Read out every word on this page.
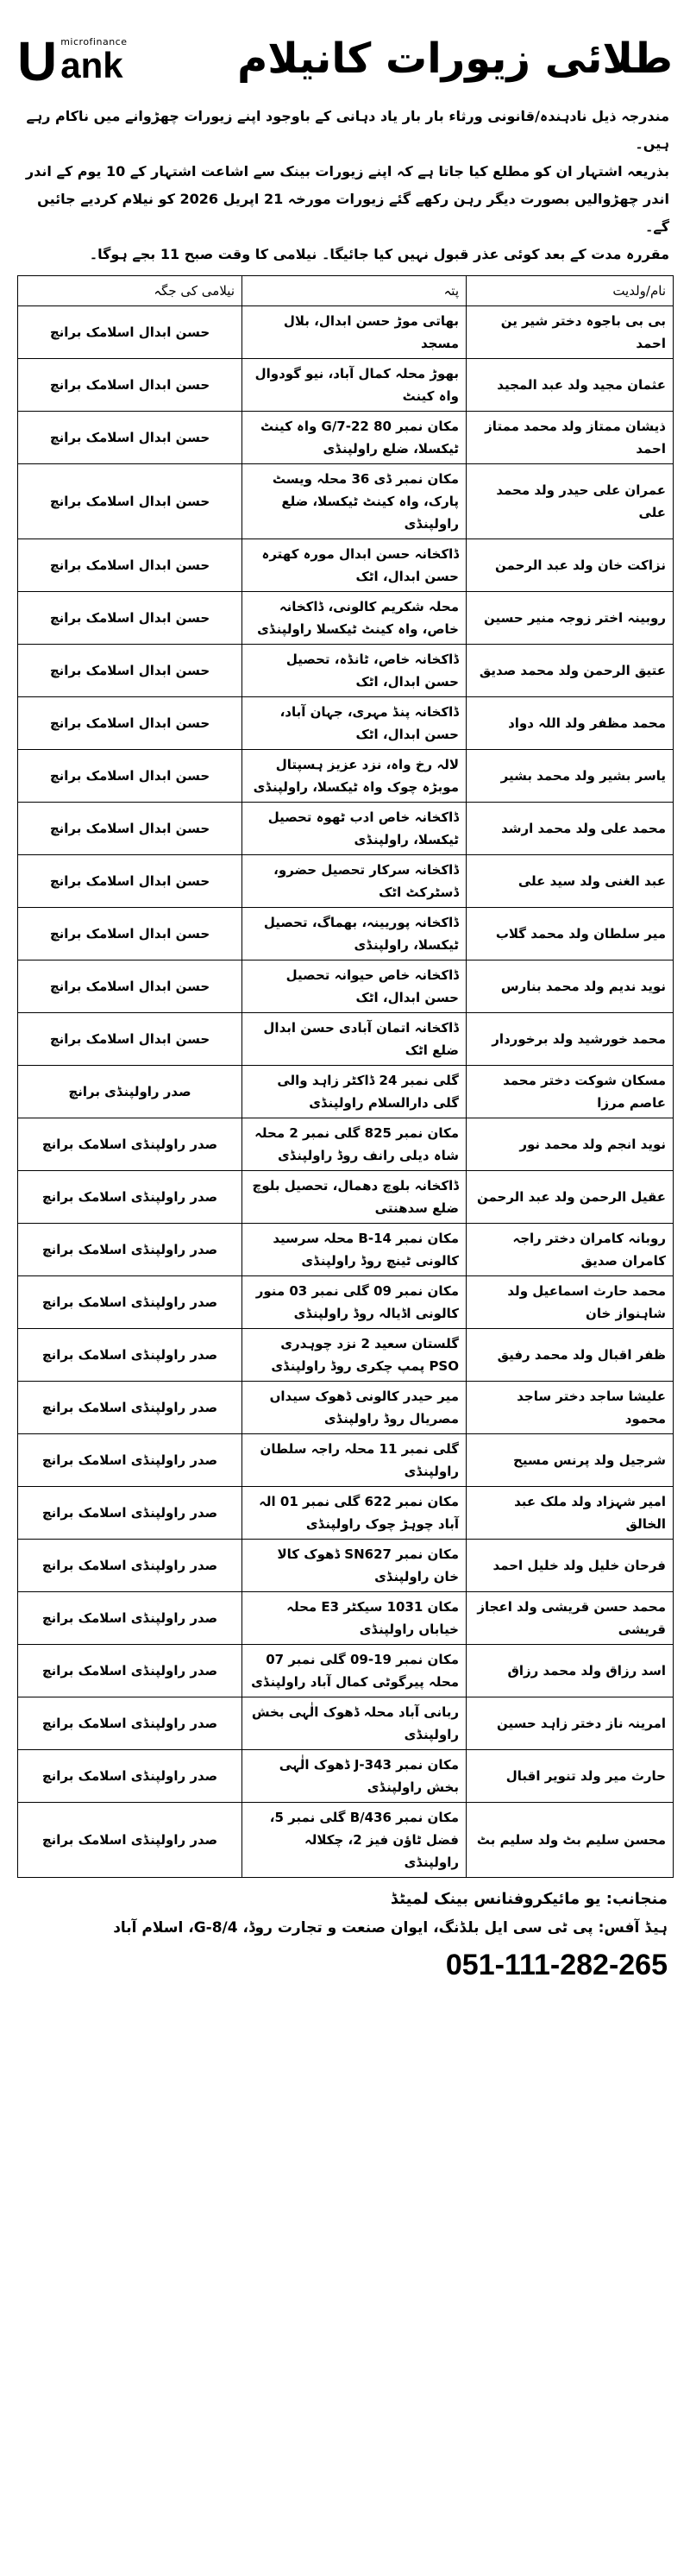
U microfinance
ank	طلائی زیورات کانیلام

مندرجہ ذیل نادہندہ/قانونی ورثاء بار بار یاد دہانی کے باوجود اپنے زیورات چھڑوانے میں ناکام رہے ہیں۔

بذریعہ اشتہار ان کو مطلع کیا جاتا ہے کہ اپنے زیورات بینک سے اشاعت اشتہار کے 10 یوم کے اندر اندر چھڑوالیں بصورت دیگر رہن رکھے گئے زیورات مورخہ 21 اپریل 2026 کو نیلام کردیے جائیں گے۔

مقررہ مدت کے بعد کوئی عذر قبول نہیں کیا جائیگا۔ نیلامی کا وقت صبح 11 بجے ہوگا۔

نام/ولدیت	پتہ	نیلامی کی جگہ
بی بی باجوہ دختر شیر ین احمد	بھاتی موڑ حسن ابدال، بلال مسجد	حسن ابدال اسلامک برانچ
عثمان مجید ولد عبد المجید	بھوڑ محلہ کمال آباد، نیو گودوال واہ کینٹ	حسن ابدال اسلامک برانچ
ذیشان ممتاز ولد محمد ممتاز احمد	مکان نمبر 80 G/7-22 واہ کینٹ ٹیکسلا، ضلع راولپنڈی	حسن ابدال اسلامک برانچ
عمران علی حیدر ولد محمد علی	مکان نمبر ڈی 36 محلہ ویسٹ پارک، واہ کینٹ ٹیکسلا، ضلع راولپنڈی	حسن ابدال اسلامک برانچ
نزاکت خان ولد عبد الرحمن	ڈاکخانہ حسن ابدال مورہ کھترہ حسن ابدال، اٹک	حسن ابدال اسلامک برانچ
روبینہ اختر زوجہ منیر حسین	محلہ شکریم کالونی، ڈاکخانہ خاص، واہ کینٹ ٹیکسلا راولپنڈی	حسن ابدال اسلامک برانچ
عتیق الرحمن ولد محمد صدیق	ڈاکخانہ خاص، ٹانڈہ، تحصیل حسن ابدال، اٹک	حسن ابدال اسلامک برانچ
محمد مظفر ولد اللہ دواد	ڈاکخانہ پنڈ مہری، جہان آباد، حسن ابدال، اٹک	حسن ابدال اسلامک برانچ
یاسر بشیر ولد محمد بشیر	لالہ رخ واہ، نزد عزیز ہسپتال موبڑہ چوک واہ ٹیکسلا، راولپنڈی	حسن ابدال اسلامک برانچ
محمد علی ولد محمد ارشد	ڈاکخانہ خاص ادب ٹھوہ تحصیل ٹیکسلا، راولپنڈی	حسن ابدال اسلامک برانچ
عبد الغنی ولد سید علی	ڈاکخانہ سرکار تحصیل حضرو، ڈسٹرکٹ اٹک	حسن ابدال اسلامک برانچ
میر سلطان ولد محمد گلاب	ڈاکخانہ پوریینہ، بھماگ، تحصیل ٹیکسلا، راولپنڈی	حسن ابدال اسلامک برانچ
نوید ندیم ولد محمد بنارس	ڈاکخانہ خاص حیوانہ تحصیل حسن ابدال، اٹک	حسن ابدال اسلامک برانچ
محمد خورشید ولد برخوردار	ڈاکخانہ اتمان آبادی حسن ابدال ضلع اٹک	حسن ابدال اسلامک برانچ
مسکان شوکت دختر محمد عاصم مرزا	گلی نمبر 24 ڈاکٹر زاہد والی گلی دارالسلام راولپنڈی	صدر راولپنڈی برانچ
نوید انجم ولد محمد نور	مکان نمبر 825 گلی نمبر 2 محلہ شاہ دیلی رانف روڈ راولپنڈی	صدر راولپنڈی اسلامک برانچ
عقیل الرحمن ولد عبد الرحمن	ڈاکخانہ بلوچ دھمال، تحصیل بلوچ ضلع سدھنتی	صدر راولپنڈی اسلامک برانچ
روبانہ کامران دختر راجہ کامران صدیق	مکان نمبر B-14 محلہ سرسید کالونی ٹینچ روڈ راولپنڈی	صدر راولپنڈی اسلامک برانچ
محمد حارث اسماعیل ولد شاہنواز خان	مکان نمبر 09 گلی نمبر 03 منور کالونی اڈیالہ روڈ راولپنڈی	صدر راولپنڈی اسلامک برانچ
ظفر اقبال ولد محمد رفیق	گلستان سعید 2 نزد چوہدری PSO پمپ چکری روڈ راولپنڈی	صدر راولپنڈی اسلامک برانچ
علیشا ساجد دختر ساجد محمود	میر حیدر کالونی ڈھوک سیداں مصریال روڈ راولپنڈی	صدر راولپنڈی اسلامک برانچ
شرجیل ولد پرنس مسیح	گلی نمبر 11 محلہ راجہ سلطان راولپنڈی	صدر راولپنڈی اسلامک برانچ
امیر شہزاد ولد ملک عبد الخالق	مکان نمبر 622 گلی نمبر 01 الہ آباد چوہڑ چوک راولپنڈی	صدر راولپنڈی اسلامک برانچ
فرحان خلیل ولد خلیل احمد	مکان نمبر SN627 ڈھوک کالا خان راولپنڈی	صدر راولپنڈی اسلامک برانچ
محمد حسن قریشی ولد اعجاز قریشی	مکان 1031 سیکٹر E3 محلہ خیاباں راولپنڈی	صدر راولپنڈی اسلامک برانچ
اسد رزاق ولد محمد رزاق	مکان نمبر 19-09 گلی نمبر 07 محلہ پیرگوٹی کمال آباد راولپنڈی	صدر راولپنڈی اسلامک برانچ
امرینہ ناز دختر زاہد حسین	ربانی آباد محلہ ڈھوک الٰہی بخش راولپنڈی	صدر راولپنڈی اسلامک برانچ
حارث میر ولد تنویر اقبال	مکان نمبر J-343 ڈھوک الٰہی بخش راولپنڈی	صدر راولپنڈی اسلامک برانچ
محسن سلیم بٹ ولد سلیم بٹ	مکان نمبر 436/B گلی نمبر 5، فضل ٹاؤن فیز 2، چکلالہ راولپنڈی	صدر راولپنڈی اسلامک برانچ
منجانب: یو مائیکروفنانس بینک لمیٹڈ
ہیڈ آفس: پی ٹی سی ایل بلڈنگ، ایوان صنعت و تجارت روڈ، G-8/4، اسلام آباد
051-111-282-265
